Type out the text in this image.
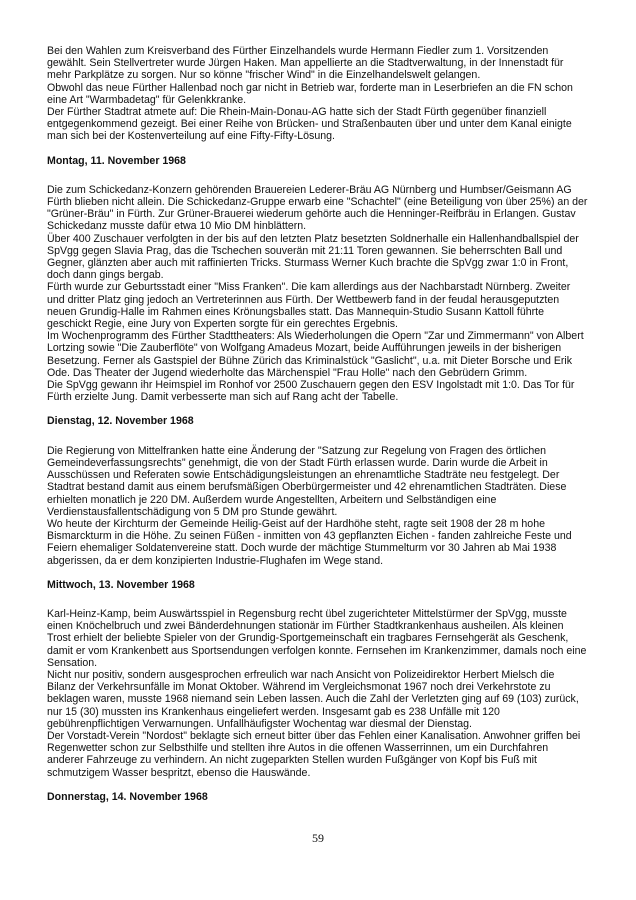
Bei den Wahlen zum Kreisverband des Fürther Einzelhandels wurde Hermann Fiedler zum 1. Vorsitzenden
gewählt. Sein Stellvertreter wurde Jürgen Haken. Man appellierte an die Stadtverwaltung, in der Innenstadt für
mehr Parkplätze zu sorgen. Nur so könne "frischer Wind" in die Einzelhandelswelt gelangen.
Obwohl das neue Fürther Hallenbad noch gar nicht in Betrieb war, forderte man in Leserbriefen an die FN schon
eine Art "Warmbadetag" für Gelenkkranke.
Der Fürther Stadtrat atmete auf: Die Rhein-Main-Donau-AG hatte sich der Stadt Fürth gegenüber finanziell
entgegenkommend gezeigt. Bei einer Reihe von Brücken- und Straßenbauten über und unter dem Kanal einigte
man sich bei der Kostenverteilung auf eine Fifty-Fifty-Lösung.
Montag, 11. November 1968
Die zum Schickedanz-Konzern gehörenden Brauereien Lederer-Bräu AG Nürnberg und Humbser/Geismann AG
Fürth blieben nicht allein. Die Schickedanz-Gruppe erwarb eine "Schachtel" (eine Beteiligung von über 25%) an der
"Grüner-Bräu" in Fürth. Zur Grüner-Brauerei wiederum gehörte auch die Henninger-Reifbräu in Erlangen. Gustav
Schickedanz musste dafür etwa 10 Mio DM hinblättern.
Über 400 Zuschauer verfolgten in der bis auf den letzten Platz besetzten Soldnerhalle ein Hallenhandballspiel der
SpVgg gegen Slavia Prag, das die Tschechen souverän mit 21:11 Toren gewannen. Sie beherrschten Ball und
Gegner, glänzten aber auch mit raffinierten Tricks. Sturmass Werner Kuch brachte die SpVgg zwar 1:0 in Front,
doch dann gings bergab.
Fürth wurde zur Geburtsstadt einer "Miss Franken". Die kam allerdings aus der Nachbarstadt Nürnberg. Zweiter
und dritter Platz ging jedoch an Vertreterinnen aus Fürth. Der Wettbewerb fand in der feudal herausgeputzten
neuen Grundig-Halle im Rahmen eines Krönungsballes statt. Das Mannequin-Studio Susann Kattoll führte
geschickt Regie, eine Jury von Experten sorgte für ein gerechtes Ergebnis.
Im Wochenprogramm des Fürther Stadttheaters: Als Wiederholungen die Opern "Zar und Zimmermann" von Albert
Lortzing sowie "Die Zauberflöte" von Wolfgang Amadeus Mozart, beide Aufführungen jeweils in der bisherigen
Besetzung. Ferner als Gastspiel der Bühne Zürich das Kriminalstück "Gaslicht", u.a. mit Dieter Borsche und Erik
Ode. Das Theater der Jugend wiederholte das Märchenspiel "Frau Holle" nach den Gebrüdern Grimm.
Die SpVgg gewann ihr Heimspiel im Ronhof vor 2500 Zuschauern gegen den ESV Ingolstadt mit 1:0. Das Tor für
Fürth erzielte Jung. Damit verbesserte man sich auf Rang acht der Tabelle.
Dienstag, 12. November 1968
Die Regierung von Mittelfranken hatte eine Änderung der "Satzung zur Regelung von Fragen des örtlichen
Gemeindeverfassungsrechts" genehmigt, die von der Stadt Fürth erlassen wurde. Darin wurde die Arbeit in
Ausschüssen und Referaten sowie Entschädigungsleistungen an ehrenamtliche Stadträte neu festgelegt. Der
Stadtrat bestand damit aus einem berufsmäßigen Oberbürgermeister und 42 ehrenamtlichen Stadträten. Diese
erhielten monatlich je 220 DM. Außerdem wurde Angestellten, Arbeitern und Selbständigen eine
Verdienstausfallentschädigung von 5 DM pro Stunde gewährt.
Wo heute der Kirchturm der Gemeinde Heilig-Geist auf der Hardhöhe steht, ragte seit 1908 der 28 m hohe
Bismarckturm in die Höhe. Zu seinen Füßen - inmitten von 43 gepflanzten Eichen - fanden zahlreiche Feste und
Feiern ehemaliger Soldatenvereine statt. Doch wurde der mächtige Stummelturm vor 30 Jahren ab Mai 1938
abgerissen, da er dem konzipierten Industrie-Flughafen im Wege stand.
Mittwoch, 13. November 1968
Karl-Heinz-Kamp, beim Auswärtsspiel in Regensburg recht übel zugerichteter Mittelstürmer der SpVgg, musste
einen Knöchelbruch und zwei Bänderdehnungen stationär im Fürther Stadtkrankenhaus ausheilen. Als kleinen
Trost erhielt der beliebte Spieler von der Grundig-Sportgemeinschaft ein tragbares Fernsehgerät als Geschenk,
damit er vom Krankenbett aus Sportsendungen verfolgen konnte. Fernsehen im Krankenzimmer, damals noch eine
Sensation.
Nicht nur positiv, sondern ausgesprochen erfreulich war nach Ansicht von Polizeidirektor Herbert Mielsch die
Bilanz der Verkehrsunfälle im Monat Oktober. Während im Vergleichsmonat 1967 noch drei Verkehrstote zu
beklagen waren, musste 1968 niemand sein Leben lassen. Auch die Zahl der Verletzten ging auf 69 (103) zurück,
nur 15 (30) mussten ins Krankenhaus eingeliefert werden. Insgesamt gab es 238 Unfälle mit 120
gebührenpflichtigen Verwarnungen. Unfallhäufigster Wochentag war diesmal der Dienstag.
Der Vorstadt-Verein "Nordost" beklagte sich erneut bitter über das Fehlen einer Kanalisation. Anwohner griffen bei
Regenwetter schon zur Selbsthilfe und stellten ihre Autos in die offenen Wasserrinnen, um ein Durchfahren
anderer Fahrzeuge zu verhindern. An nicht zugeparkten Stellen wurden Fußgänger von Kopf bis Fuß mit
schmutzigem Wasser bespritzt, ebenso die Hauswände.
Donnerstag, 14. November 1968
59
